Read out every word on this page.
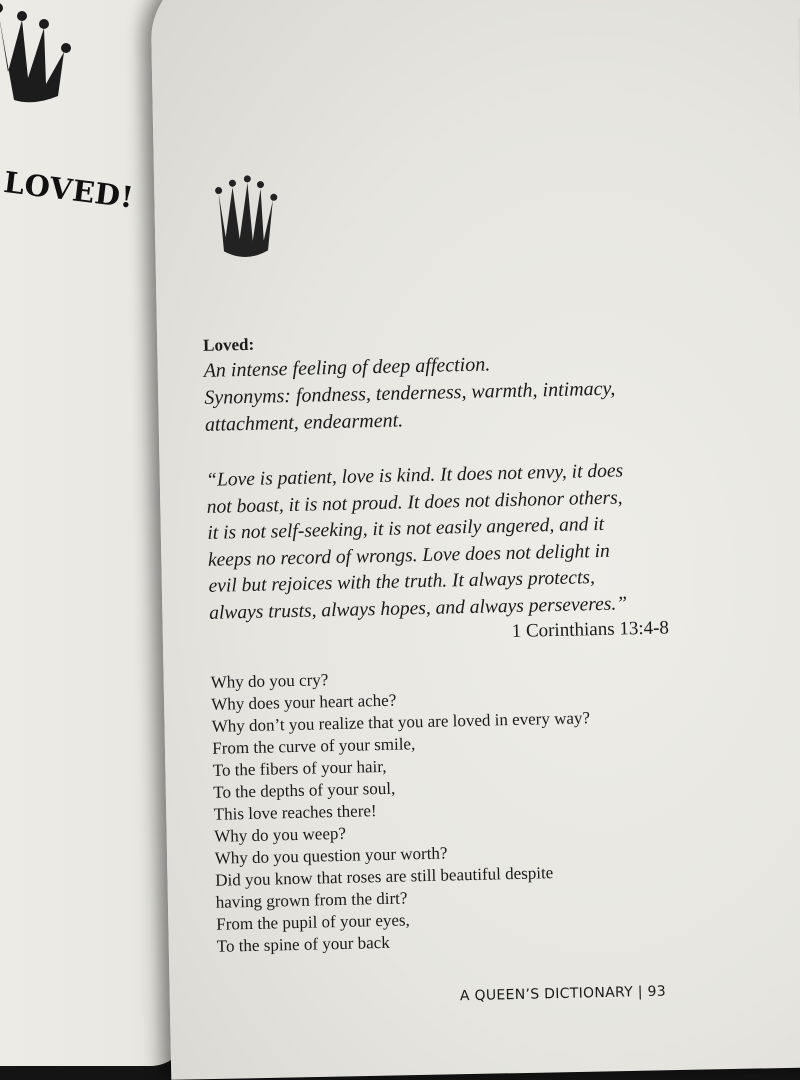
LOVED!
Loved:
An intense feeling of deep affection.
Synonyms: fondness, tenderness, warmth, intimacy,
attachment, endearment.
“Love is patient, love is kind. It does not envy, it does
not boast, it is not proud. It does not dishonor others,
it is not self-seeking, it is not easily angered, and it
keeps no record of wrongs. Love does not delight in
evil but rejoices with the truth. It always protects,
always trusts, always hopes, and always perseveres.”
1 Corinthians 13:4-8
Why do you cry?
Why does your heart ache?
Why don’t you realize that you are loved in every way?
From the curve of your smile,
To the fibers of your hair,
To the depths of your soul,
This love reaches there!
Why do you weep?
Why do you question your worth?
Did you know that roses are still beautiful despite
having grown from the dirt?
From the pupil of your eyes,
To the spine of your back
A QUEEN’S DICTIONARY | 93
